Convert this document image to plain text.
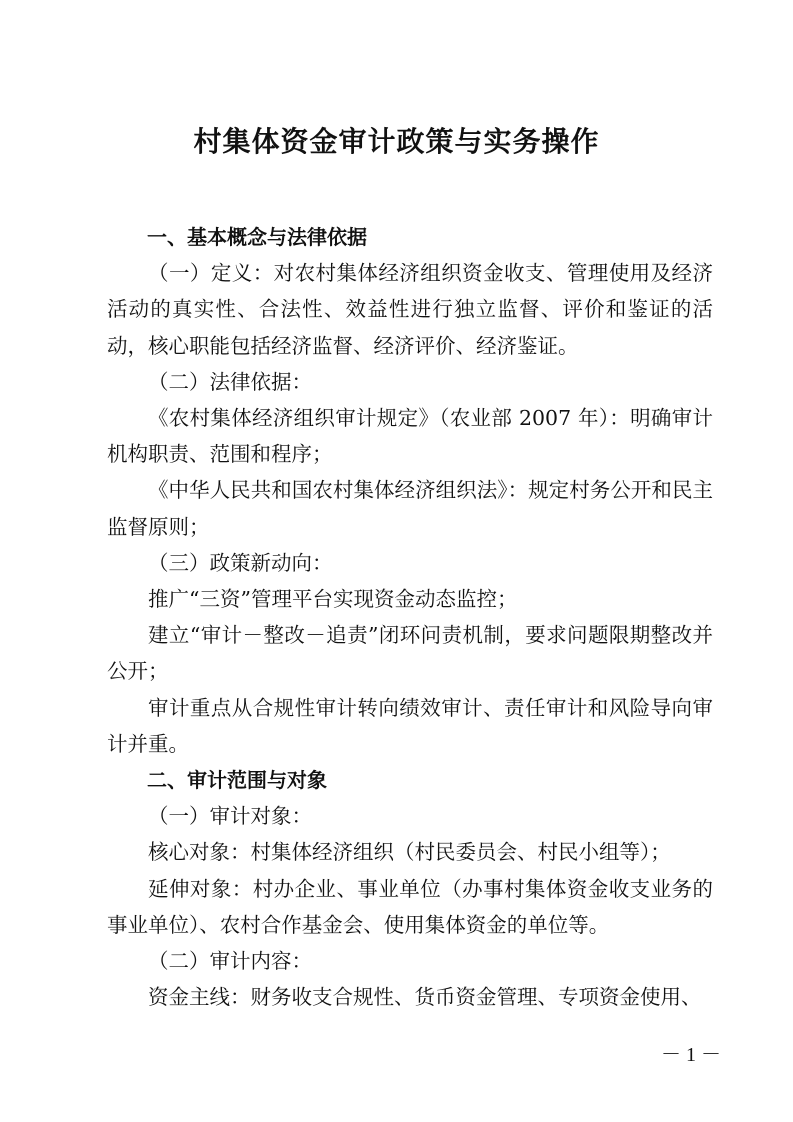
村集体资金审计政策与实务操作

一、基本概念与法律依据

（一）定义：对农村集体经济组织资金收支、管理使用及经济活动的真实性、合法性、效益性进行独立监督、评价和鉴证的活动，核心职能包括经济监督、经济评价、经济鉴证。

（二）法律依据：

《农村集体经济组织审计规定》（农业部 2007 年）：明确审计机构职责、范围和程序；

《中华人民共和国农村集体经济组织法》：规定村务公开和民主监督原则；

（三）政策新动向：

推广“三资”管理平台实现资金动态监控；

建立“审计－整改－追责”闭环问责机制，要求问题限期整改并公开；

审计重点从合规性审计转向绩效审计、责任审计和风险导向审计并重。

二、审计范围与对象

（一）审计对象：

核心对象：村集体经济组织（村民委员会、村民小组等）；

延伸对象：村办企业、事业单位（办事村集体资金收支业务的事业单位）、农村合作基金会、使用集体资金的单位等。

（二）审计内容：

资金主线：财务收支合规性、货币资金管理、专项资金使用、

－ 1 －
